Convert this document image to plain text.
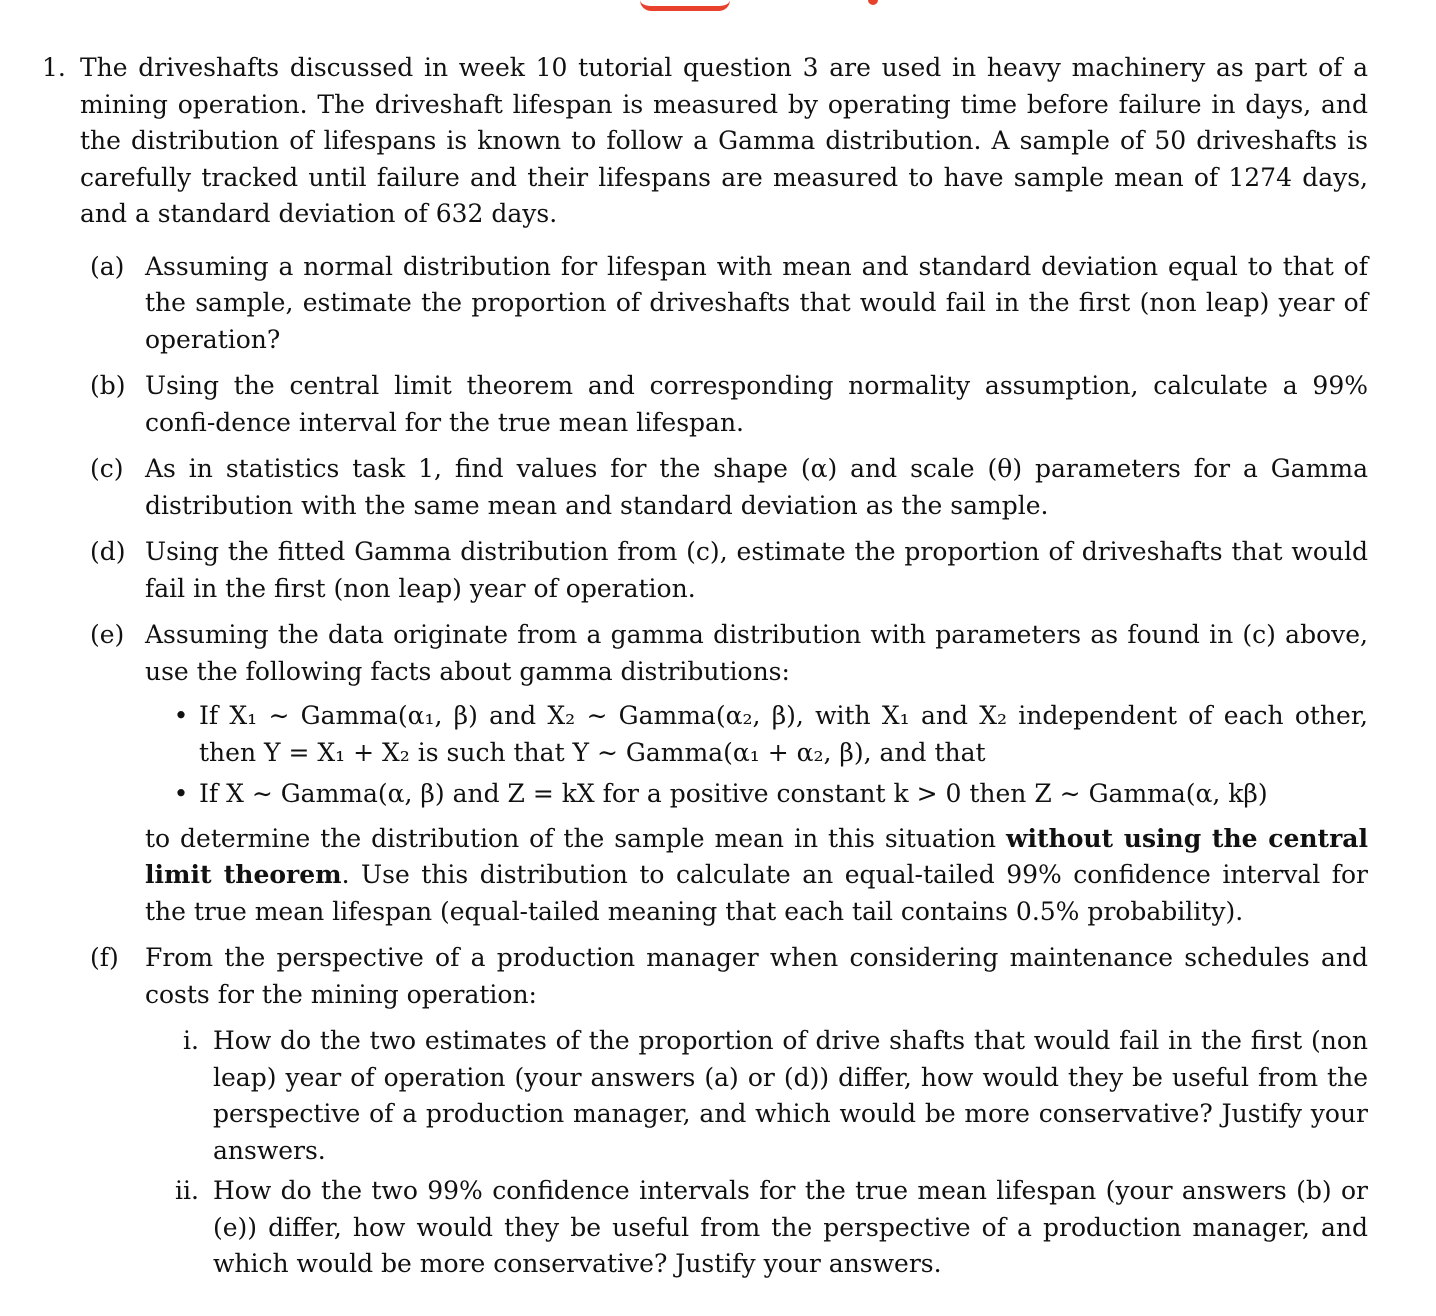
1. The driveshafts discussed in week 10 tutorial question 3 are used in heavy machinery as part of a mining operation. The driveshaft lifespan is measured by operating time before failure in days, and the distribution of lifespans is known to follow a Gamma distribution. A sample of 50 driveshafts is carefully tracked until failure and their lifespans are measured to have sample mean of 1274 days, and a standard deviation of 632 days.
(a) Assuming a normal distribution for lifespan with mean and standard deviation equal to that of the sample, estimate the proportion of driveshafts that would fail in the first (non leap) year of operation?
(b) Using the central limit theorem and corresponding normality assumption, calculate a 99% confi-dence interval for the true mean lifespan.
(c) As in statistics task 1, find values for the shape (α) and scale (θ) parameters for a Gamma distribution with the same mean and standard deviation as the sample.
(d) Using the fitted Gamma distribution from (c), estimate the proportion of driveshafts that would fail in the first (non leap) year of operation.
(e) Assuming the data originate from a gamma distribution with parameters as found in (c) above, use the following facts about gamma distributions:
• If X₁ ∼ Gamma(α₁, β) and X₂ ∼ Gamma(α₂, β), with X₁ and X₂ independent of each other, then Y = X₁ + X₂ is such that Y ∼ Gamma(α₁ + α₂, β), and that
• If X ∼ Gamma(α, β) and Z = kX for a positive constant k > 0 then Z ∼ Gamma(α, kβ)
to determine the distribution of the sample mean in this situation without using the central limit theorem. Use this distribution to calculate an equal-tailed 99% confidence interval for the true mean lifespan (equal-tailed meaning that each tail contains 0.5% probability).
(f)	From the perspective of a production manager when considering maintenance schedules and costs for the mining operation:
i. How do the two estimates of the proportion of drive shafts that would fail in the first (non leap) year of operation (your answers (a) or (d)) differ, how would they be useful from the perspective of a production manager, and which would be more conservative? Justify your answers.
ii. How do the two 99% confidence intervals for the true mean lifespan (your answers (b) or (e)) differ, how would they be useful from the perspective of a production manager, and which would be more conservative? Justify your answers.
